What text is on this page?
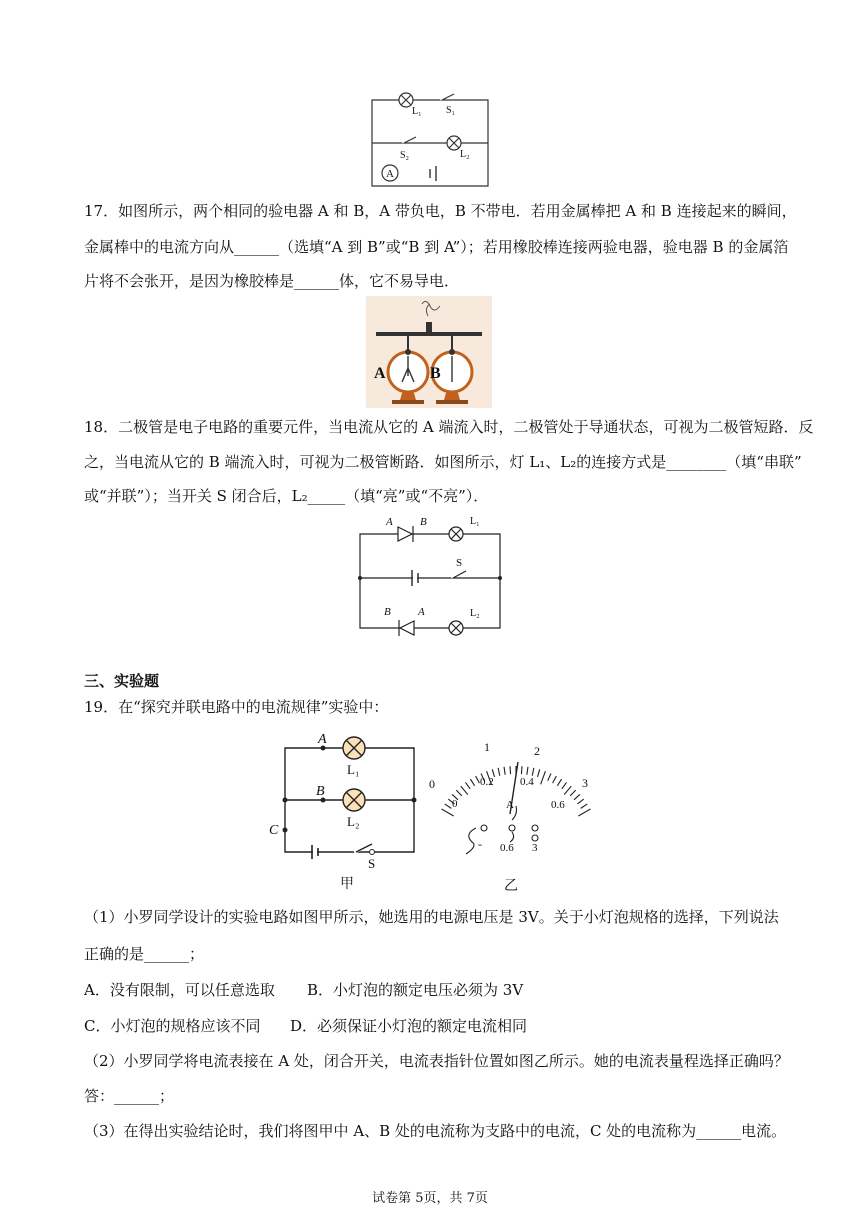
L₁ S₁
S₂	L₂
A
17．如图所示，两个相同的验电器 A 和 B，A 带负电，B 不带电．若用金属棒把 A 和 B 连接起来的瞬间，
金属棒中的电流方向从______（选填“A 到 B”或“B 到 A”）；若用橡胶棒连接两验电器，验电器 B 的金属箔
片将不会张开，是因为橡胶棒是______体，它不易导电．
A	B
18．二极管是电子电路的重要元件，当电流从它的 A 端流入时，二极管处于导通状态，可视为二极管短路．反
之，当电流从它的 B 端流入时，可视为二极管断路．如图所示，灯 L₁、L₂的连接方式是________（填“串联”
或“并联”）；当开关 S 闭合后，L₂_____（填“亮”或“不亮”）．
A B	L₁
S
B A	L₂
三、实验题
19．在“探究并联电路中的电流规律”实验中：
A
B
C
L₁
L₂
S
甲
1	2
0	3
0
0.2 0.4
0.6
A
- 0.6 3
乙
（1）小罗同学设计的实验电路如图甲所示，她选用的电源电压是 3V。关于小灯泡规格的选择，下列说法
正确的是______；
A．没有限制，可以任意选取	B．小灯泡的额定电压必须为 3V
C．小灯泡的规格应该不同	D．必须保证小灯泡的额定电流相同
（2）小罗同学将电流表接在 A 处，闭合开关，电流表指针位置如图乙所示。她的电流表量程选择正确吗？
答：______；
（3）在得出实验结论时，我们将图甲中 A、B 处的电流称为支路中的电流，C 处的电流称为______电流。
试卷第 5页，共 7页
